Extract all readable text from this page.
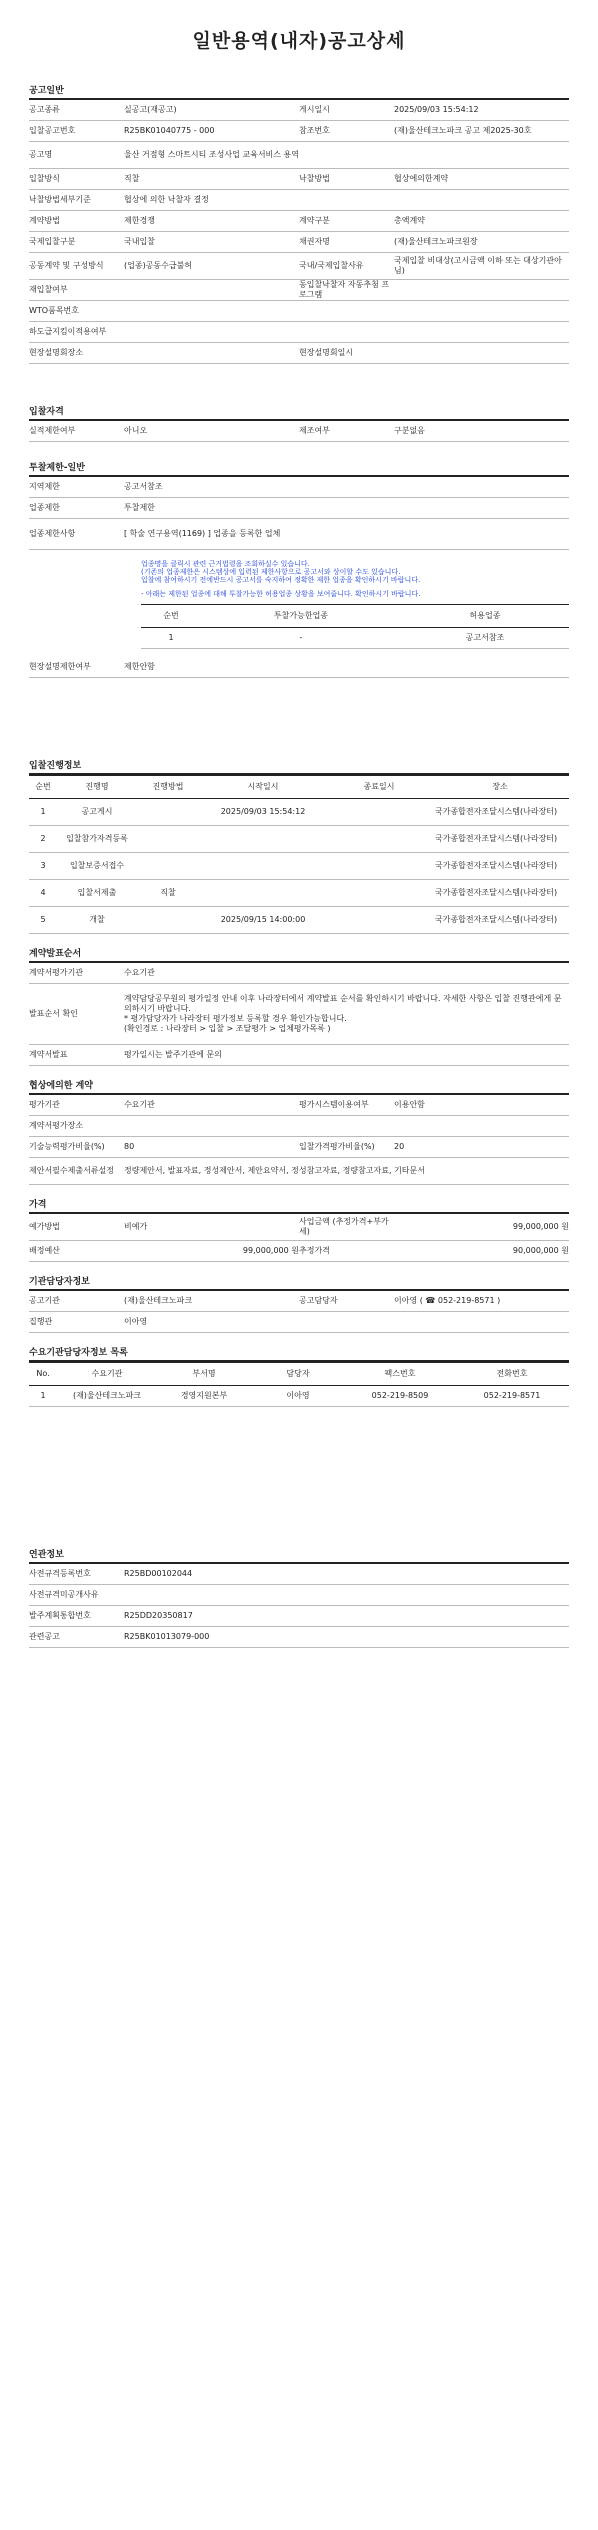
일반용역(내자)공고상세
공고일반
공고종류	실공고(재공고)	게시일시	2025/09/03 15:54:12
입찰공고번호	R25BK01040775 - 000	참조번호	(재)울산테크노파크 공고 제2025-30호
공고명	울산 거점형 스마트시티 조성사업 교육서비스 용역		
입찰방식	직찰	낙찰방법	협상에의한계약
낙찰방법세부기준	협상에 의한 낙찰자 결정		
계약방법	제한경쟁	계약구분	총액계약
국제입찰구분	국내입찰	채권자명	(재)울산테크노파크원장
공동계약 및 구성방식	(업종)공동수급불허	국내/국제입찰사유	국제입찰 비대상(고시금액 이하 또는 대상기관아님)
재입찰여부		동입찰낙찰자 자동추첨 프로그램	
WTO품목번호			
하도급지킴이적용여부			
현장설명회장소		현장설명회일시	
입찰자격
실적제한여부	아니오	제조여부	구분없음
투찰제한-일반
지역제한	공고서참조
업종제한	투찰제한
업종제한사항	[ 학술 연구용역(1169) ] 업종을 등록한 업체
업종명을 클릭시 관련 근거법령을 조회하실수 있습니다.
(기존의 업종제한은 시스템상에 입력된 제한사항으로 공고서와 상이할 수도 있습니다.
입찰에 참여하시기 전에반드시 공고서를 숙지하여 정확한 제한 업종을 확인하시기 바랍니다.
- 아래는 제한된 업종에 대해 투찰가능한 허용업종 상황을 보여줍니다. 확인하시기 바랍니다.
순번	투찰가능한업종	허용업종
1	-	공고서참조
현장설명제한여부	제한안함
입찰진행정보
순번	진행명	진행방법	시작일시	종료일시	장소
1	공고게시		2025/09/03 15:54:12		국가종합전자조달시스템(나라장터)
2	입찰참가자격등록				국가종합전자조달시스템(나라장터)
3	입찰보증서접수				국가종합전자조달시스템(나라장터)
4	입찰서제출	직찰			국가종합전자조달시스템(나라장터)
5	개찰		2025/09/15 14:00:00		국가종합전자조달시스템(나라장터)
계약발표순서
계약서평가기관	수요기관
발표순서 확인	계약담당공무원의 평가일정 안내 이후 나라장터에서 계약발표 순서를 확인하시기 바랍니다. 자세한 사항은 입찰 진행관에게 문의하시기 바랍니다.
* 평가담당자가 나라장터 평가정보 등록할 경우 확인가능합니다.
(확인경로 : 나라장터 > 입찰 > 조달평가 > 업체평가목록 )

계약서발표	평가일시는 발주기관에 문의
협상에의한 계약
평가기관	수요기관	평가시스템이용여부	이용안함
계약서평가장소			
기술능력평가비율(%)	80	입찰가격평가비율(%)	20
제안서필수제출서류설정	정량제안서, 발표자료, 정성제안서, 제안요약서, 정성참고자료, 정량참고자료, 기타문서		
가격
예가방법	비예가	사업금액 (추정가격+부가세)	99,000,000 원
배정예산	99,000,000 원	추정가격	90,000,000 원
기관담당자정보
공고기관	(재)울산테크노파크	공고담당자	이아영 ( ☎ 052-219-8571 )
집행관	이아영		
수요기관담당자정보 목록
No.	수요기관	부서명	담당자	팩스번호	전화번호
1	(재)울산테크노파크	경영지원본부	이아영	052-219-8509	052-219-8571
연관정보
사전규격등록번호	R25BD00102044
사전규격미공개사유	
발주계획통합번호	R25DD20350817
관련공고	R25BK01013079-000
